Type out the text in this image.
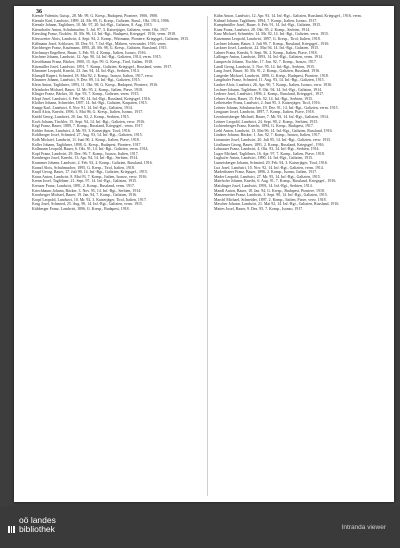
36

Kiemle Valentin, Gutsp., 28. Mr. 99, G. Kresp., Budapest, Pioniere, 1906, 1908.

Kienzle Karl, Landwirt, 1899, 24. Mr. 99, G. Kresp., Galizien, Russl., Okt. 1914, 1906.

Kienzle Johann, Taglöhner, 10. Mr. 97, 20. Inf.-Rgt., Galizien, 8. Aug. 1915.

Kierndorfer Anton, Schuhmacher, 5. Jul. 97, 3. Kaiserjäger, Galizien, verm. Okt. 1917.

Kiessling Franz, Tischler, 10. Mr. 96, 14. Inf.-Rgt., Budapest, Kriegsgef. 1916, verm. 1918.

Kiesswetter Alois, Landwirt, 4. Sept. 94, 2. Komp., Wittmann, Pioniere, Kriegsgef., Galizien, 1915.

Kiffmann Josef, Schlosser, 30. Dez. 91, 7. Inf.-Rgt., Mähren, verwundet, 1916, verm.

Kirchberger Franz, Kaufmann, 1895, 20. Mr. 98, G. Kresp., Galizien, Russland, 1915.

Kirchmayr Engelbert, Bauer, 3. Feb. 95, 4. Komp., Italien, Isonzo, 1916.

Kirchner Johann, Landwirt, 12. Apr. 90, 14. Inf.-Rgt., Galizien, 1914, verm. 1915.

Kirschbaum Franz, Bäcker, 1900, 15. Apr. 99, G. Kresp., Tirol, Italien, 1918.

Kitzmüller Josef, Landwirt, 1891, 7. Komp., Galizien, Kriegsgef., Russland, verm. 1917.

Klammer Leopold, Knecht, 23. Jan. 94, 14. Inf.-Rgt., Serbien, 1914.

Klampfl Rupert, Schmied, 18. Mai 92, 2. Komp., Isonzo, Italien, 1917, verw.

Klausner Johann, Landwirt, 9. Dez. 89, 14. Inf.-Rgt., Galizien, 1915.

Klein Anton, Taglöhner, 1893, 11. Okt. 98, G. Kresp., Budapest, Pioniere, 1916.

Kleinhofer Michael, Bauer, 12. Mr. 95, 2. Komp., Italien, Piave, 1918.

Klinger Franz, Bäcker, 30. Apr. 93, 7. Komp., Galizien, verm. 1915.

Klopf Josef, Landwirt, 4. Feb. 90, 14. Inf.-Rgt., Russland, Kriegsgef. 1916.

Kloiber Johann, Schneider, 1897, 14. Inf.-Rgt., Galizien, Karpaten, 1915.

Knapp Karl, Landwirt, 8. Nov. 91, 14. Inf.-Rgt., Galizien, 1914.

Knoll Alois, Knecht, 1896, 3. Mai 96, G. Kresp., Italien, Isonzo, 1917.

Knöbl Georg, Landwirt, 20. Jan. 92, 2. Komp., Serbien, 1915.

Koch Johann, Tischler, 15. Sept. 94, 14. Inf.-Rgt., Galizien, verw. 1916.

Kögl Franz, Bauer, 1889, 7. Komp., Russland, Kriegsgef., verm. 1917.

Köhler Anton, Landwirt, 4. Mr. 95, 3. Kaiserjäger, Tirol, 1916.

Kohlberger Josef, Schmied, 27. Aug. 93, 14. Inf.-Rgt., Galizien, 1915.

Kolb Michael, Landwirt, 11. Juni 90, 2. Komp., Italien, Piave, 1918.

Koller Johann, Taglöhner, 1898, G. Kresp., Budapest, Pioniere, 1917.

Kollmann Leopold, Bauer, 6. Okt. 91, 14. Inf.-Rgt., Galizien, verm. 1914.

Kopf Franz, Landwirt, 29. Dez. 96, 7. Komp., Isonzo, Italien, 1917.

Kornberger Josef, Knecht, 13. Apr. 94, 14. Inf.-Rgt., Serbien, 1914.

Krammer Johann, Landwirt, 2. Feb. 92, 2. Komp., Galizien, Russland, 1916.

Kranzl Alois, Schuhmacher, 1895, G. Kresp., Tirol, Italien, 1918.

Krapf Georg, Bauer, 17. Juli 90, 14. Inf.-Rgt., Galizien, Kriegsgef., 1915.

Kraus Anton, Landwirt, 8. Mai 93, 7. Komp., Italien, Isonzo, verw. 1916.

Krenn Josef, Taglöhner, 21. Sept. 97, 14. Inf.-Rgt., Galizien, 1915.

Kreuzer Franz, Landwirt, 1891, 2. Komp., Russland, verm. 1917.

Kriechbaum Johann, Bäcker, 3. Nov. 95, 14. Inf.-Rgt., Serbien, 1914.

Kronberger Michael, Bauer, 19. Jan. 94, 7. Komp., Galizien, 1916.

Kropf Leopold, Landwirt, 10. Mr. 92, 3. Kaiserjäger, Tirol, Italien, 1917.

Krug Josef, Schmied, 25. Aug. 90, 14. Inf.-Rgt., Galizien, verm. 1915.

Kühberger Franz, Landwirt, 1896, G. Kresp., Budapest, 1918.

Kühn Anton, Landwirt, 12. Apr. 93, 14. Inf.-Rgt., Galizien, Russland, Kriegsgef., 1916, verm.

Kühnel Johann, Taglöhner, 1894, 7. Komp., Italien, Isonzo, 1917.

Kumpfmüller Josef, Bauer, 6. Feb. 91, 14. Inf.-Rgt., Galizien, 1915.

Kunz Franz, Landwirt, 28. Okt. 95, 2. Komp., Serbien, 1914.

Kurz Michael, Schneider, 14. Mr. 92, 14. Inf.-Rgt., Galizien, verw. 1915.

Kurzmann Leopold, Landwirt, 1897, G. Kresp., Tirol, Italien, 1918.

Lachner Johann, Bauer, 3. Juli 90, 7. Komp., Russland, Kriegsgef., 1916.

Lackner Josef, Landwirt, 22. Mai 94, 14. Inf.-Rgt., Galizien, 1915.

Lahner Franz, Knecht, 9. Sept. 96, 2. Komp., Italien, Piave, 1918.

Lallinger Anton, Landwirt, 1893, 14. Inf.-Rgt., Galizien, verm. 1914.

Lamprecht Johann, Tischler, 17. Jan. 92, 7. Komp., Isonzo, 1917.

Landl Georg, Landwirt, 5. Nov. 95, 14. Inf.-Rgt., Serbien, 1915.

Lang Josef, Bauer, 30. Mr. 91, 2. Komp., Galizien, Russland, 1916.

Langeder Michael, Landwirt, 1898, G. Kresp., Budapest, Pioniere, 1918.

Langthaler Franz, Schmied, 11. Aug. 93, 14. Inf.-Rgt., Galizien, 1915.

Lauber Alois, Landwirt, 26. Apr. 90, 7. Komp., Italien, Isonzo, verw. 1916.

Lechner Johann, Taglöhner, 8. Okt. 94, 14. Inf.-Rgt., Galizien, 1914.

Lederer Josef, Landwirt, 1896, 2. Komp., Russland, Kriegsgef., 1917.

Lehner Anton, Bauer, 15. Feb. 92, 14. Inf.-Rgt., Serbien, 1915.

Leibetseder Franz, Landwirt, 2. Juni 95, 3. Kaiserjäger, Tirol, 1916.

Leitner Johann, Schuhmacher, 19. Dez. 91, 14. Inf.-Rgt., Galizien, verm. 1915.

Lengauer Josef, Landwirt, 1897, 7. Komp., Italien, Piave, 1918.

Leonhartsberger Michael, Bauer, 7. Mr. 93, 14. Inf.-Rgt., Galizien, 1914.

Lettner Leopold, Landwirt, 24. Sept. 90, 2. Komp., Serbien, 1915.

Lichtenberger Franz, Knecht, 1894, G. Kresp., Budapest, 1917.

Liebl Anton, Landwirt, 13. Mai 96, 14. Inf.-Rgt., Galizien, Russland, 1916.

Lindner Johann, Bäcker, 1. Jan. 92, 7. Komp., Isonzo, Italien, 1917.

Linsmaier Josef, Landwirt, 20. Juli 95, 14. Inf.-Rgt., Galizien, verw. 1915.

Litzlbauer Georg, Bauer, 1891, 2. Komp., Russland, Kriegsgef., 1916.

Lohnauer Franz, Landwirt, 4. Okt. 93, 14. Inf.-Rgt., Serbien, 1914.

Luger Michael, Taglöhner, 16. Apr. 97, 7. Komp., Italien, Piave, 1918.

Lughofer Anton, Landwirt, 1890, 14. Inf.-Rgt., Galizien, 1915.

Lumetsberger Johann, Schmied, 29. Feb. 94, 3. Kaiserjäger, Tirol, 1916.

Lux Josef, Landwirt, 10. Nov. 92, 14. Inf.-Rgt., Galizien, verm. 1914.

Maderthaner Franz, Bauer, 1896, 2. Komp., Isonzo, Italien, 1917.

Mader Leopold, Landwirt, 27. Mr. 95, 14. Inf.-Rgt., Galizien, 1915.

Mairhofer Johann, Knecht, 6. Aug. 91, 7. Komp., Russland, Kriegsgef., 1916.

Maislinger Josef, Landwirt, 1893, 14. Inf.-Rgt., Serbien, 1914.

Mandl Anton, Bauer, 18. Jan. 94, G. Kresp., Budapest, Pioniere, 1918.

Manzenreiter Franz, Landwirt, 3. Sept. 90, 14. Inf.-Rgt., Galizien, 1915.

Marchl Michael, Schneider, 1897, 2. Komp., Italien, Piave, verw. 1918.

Mascher Johann, Landwirt, 21. Mai 92, 14. Inf.-Rgt., Galizien, Russland, 1916.

Mattes Josef, Bauer, 9. Dez. 95, 7. Komp., Isonzo, 1917.

oö landes
bibliothek	Intranda viewer
